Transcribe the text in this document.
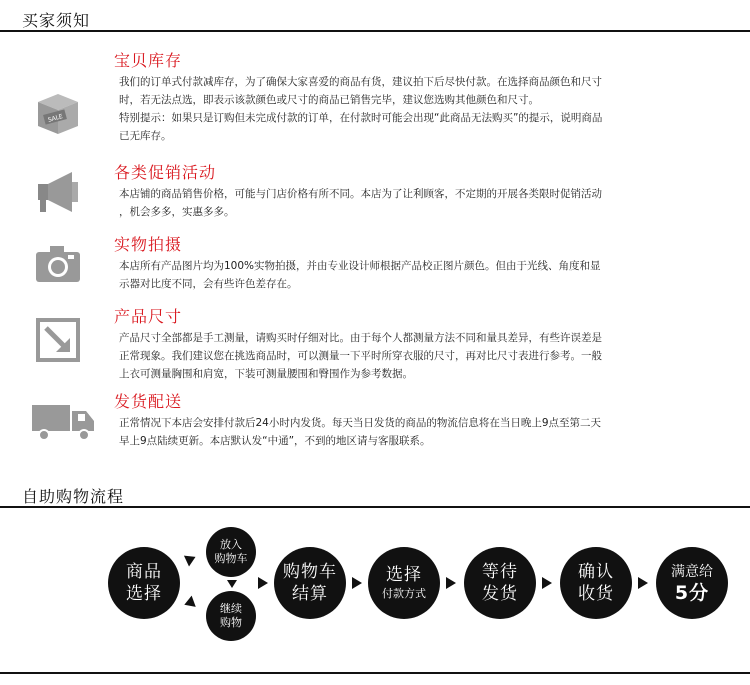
买家须知
SALE
宝贝库存

我们的订单式付款减库存，为了确保大家喜爱的商品有货，建议拍下后尽快付款。在选择商品颜色和尺寸

时，若无法点选，即表示该款颜色或尺寸的商品已销售完毕，建议您选购其他颜色和尺寸。

特别提示：如果只是订购但未完成付款的订单，在付款时可能会出现“此商品无法购买”的提示，说明商品

已无库存。

各类促销活动

本店铺的商品销售价格，可能与门店价格有所不同。本店为了让利顾客，不定期的开展各类限时促销活动

，机会多多，实惠多多。

实物拍摄

本店所有产品图片均为100%实物拍摄，并由专业设计师根据产品校正图片颜色。但由于光线、角度和显

示器对比度不同，会有些许色差存在。

产品尺寸

产品尺寸全部都是手工测量，请购买时仔细对比。由于每个人都测量方法不同和量具差异，有些许误差是

正常现象。我们建议您在挑选商品时，可以测量一下平时所穿衣服的尺寸，再对比尺寸表进行参考。一般

上衣可测量胸围和肩宽，下装可测量腰围和臀围作为参考数据。

发货配送

正常情况下本店会安排付款后24小时内发货。每天当日发货的商品的物流信息将在当日晚上9点至第二天

早上9点陆续更新。本店默认发“中通”，不到的地区请与客服联系。

自助购物流程
商品
选择
放入
购物车
继续
购物
购物车
结算
选择
付款方式
等待
发货
确认
收货
满意给
5分
